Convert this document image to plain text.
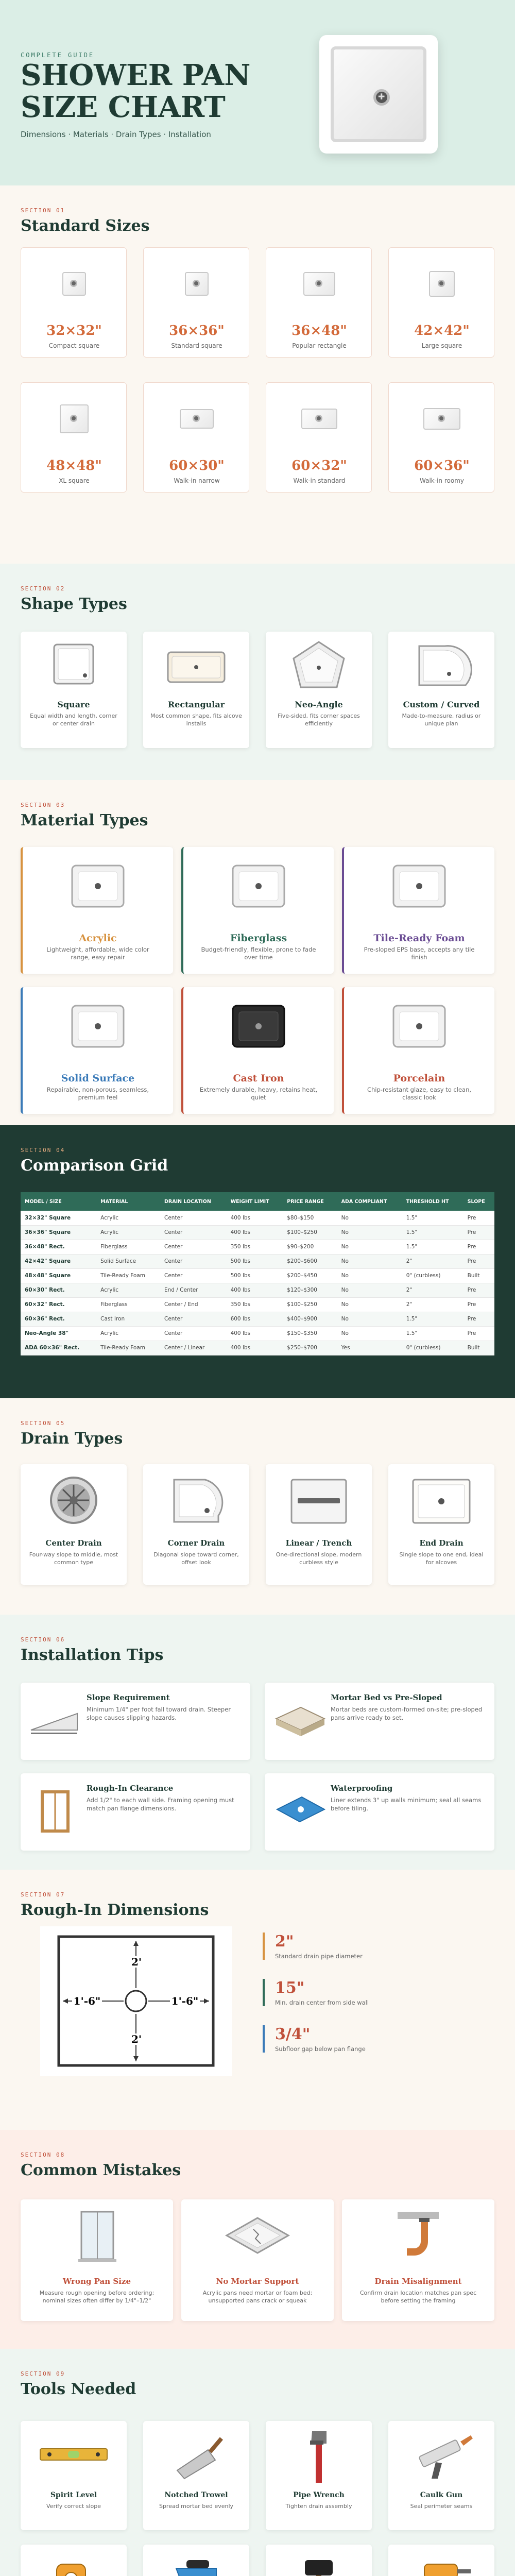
COMPLETE GUIDE
SHOWER PAN
SIZE CHART
Dimensions · Materials · Drain Types · Installation
✚
SECTION 01
Standard Sizes
32×32"
Compact square
36×36"
Standard square
36×48"
Popular rectangle
42×42"
Large square
48×48"
XL square
60×30"
Walk-in narrow
60×32"
Walk-in standard
60×36"
Walk-in roomy
SECTION 02
Shape Types
Square
Equal width and length, corner or center drain
Rectangular
Most common shape, fits alcove installs
Neo-Angle
Five-sided, fits corner spaces efficiently
Custom / Curved
Made-to-measure, radius or unique plan
SECTION 03
Material Types
Acrylic
Lightweight, affordable, wide color range, easy repair
Fiberglass
Budget-friendly, flexible, prone to fade over time
Tile-Ready Foam
Pre-sloped EPS base, accepts any tile finish
Solid Surface
Repairable, non-porous, seamless, premium feel
Cast Iron
Extremely durable, heavy, retains heat, quiet
Porcelain
Chip-resistant glaze, easy to clean, classic look
SECTION 04
Comparison Grid
MODEL / SIZE	MATERIAL	DRAIN LOCATION	WEIGHT LIMIT	PRICE RANGE	ADA COMPLIANT	THRESHOLD HT	SLOPE
32×32" Square	Acrylic	Center	400 lbs	$80–$150	No	1.5"	Pre
36×36" Square	Acrylic	Center	400 lbs	$100–$250	No	1.5"	Pre
36×48" Rect.	Fiberglass	Center	350 lbs	$90–$200	No	1.5"	Pre
42×42" Square	Solid Surface	Center	500 lbs	$200–$600	No	2"	Pre
48×48" Square	Tile-Ready Foam	Center	500 lbs	$200–$450	No	0" (curbless)	Built
60×30" Rect.	Acrylic	End / Center	400 lbs	$120–$300	No	2"	Pre
60×32" Rect.	Fiberglass	Center / End	350 lbs	$100–$250	No	2"	Pre
60×36" Rect.	Cast Iron	Center	600 lbs	$400–$900	No	1.5"	Pre
Neo-Angle 38"	Acrylic	Center	400 lbs	$150–$350	No	1.5"	Pre
ADA 60×36" Rect.	Tile-Ready Foam	Center / Linear	400 lbs	$250–$700	Yes	0" (curbless)	Built
SECTION 05
Drain Types
Center Drain
Four-way slope to middle, most common type
Corner Drain
Diagonal slope toward corner, offset look
Linear / Trench
One-directional slope, modern curbless style
End Drain
Single slope to one end, ideal for alcoves
SECTION 06
Installation Tips
Slope Requirement
Minimum 1/4" per foot fall toward drain. Steeper slope causes slipping hazards.
Mortar Bed vs Pre-Sloped
Mortar beds are custom-formed on-site; pre-sloped pans arrive ready to set.
Rough-In Clearance
Add 1/2" to each wall side. Framing opening must match pan flange dimensions.
Waterproofing
Liner extends 3" up walls minimum; seal all seams before tiling.
SECTION 07
Rough-In Dimensions
2'
2'
1'-6"	1'-6"
2"
Standard drain pipe diameter
15"
Min. drain center from side wall
3/4"
Subfloor gap below pan flange
SECTION 08
Common Mistakes
Wrong Pan Size
Measure rough opening before ordering; nominal sizes often differ by 1/4"–1/2"
No Mortar Support
Acrylic pans need mortar or foam bed; unsupported pans crack or squeak
Drain Misalignment
Confirm drain location matches pan spec before setting the framing
SECTION 09
Tools Needed
Spirit Level
Verify correct slope
Notched Trowel
Spread mortar bed evenly
Pipe Wrench
Tighten drain assembly
Caulk Gun
Seal perimeter seams
